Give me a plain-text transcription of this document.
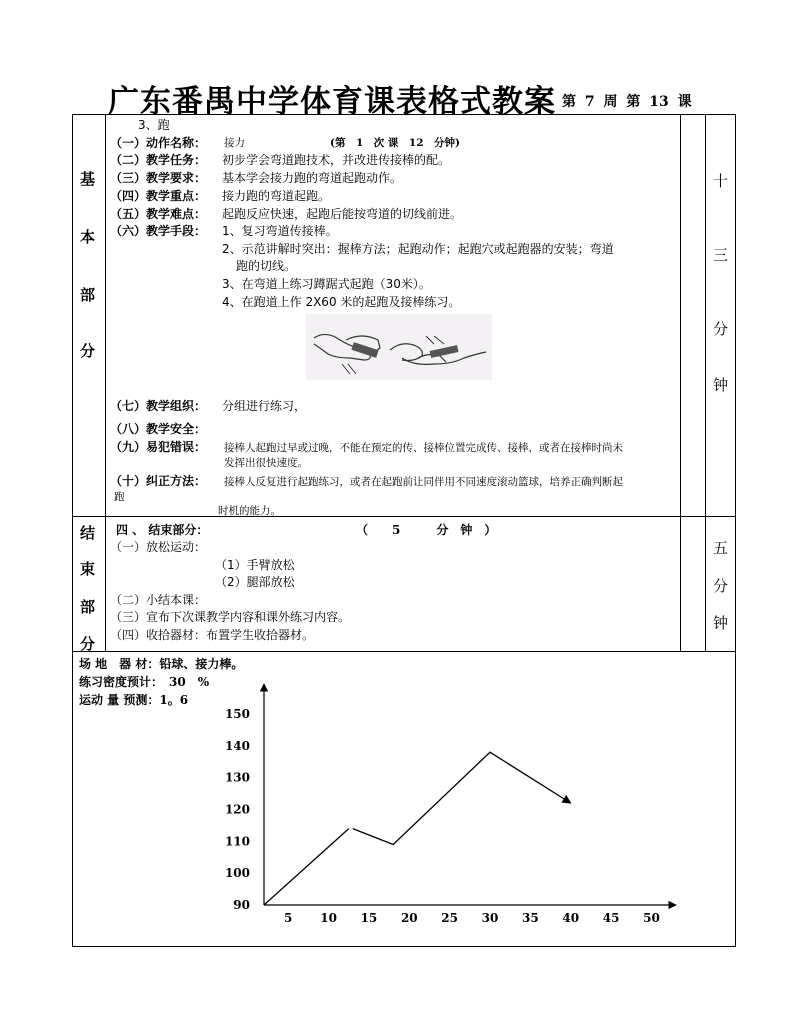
广东番禺中学体育课表格式教案 第 7 周 第 13 课
基
本
部
分
十
三
分
钟
3、跑
（一）动作名称： 接力	(第　1　次 课　12　分钟)
（二）教学任务： 初步学会弯道跑技术，并改进传接棒的配。
（三）教学要求： 基本学会接力跑的弯道起跑动作。
（四）教学重点： 接力跑的弯道起跑。
（五）教学难点： 起跑反应快速，起跑后能按弯道的切线前进。
（六）教学手段： 1、复习弯道传接棒。
2、示范讲解时突出：握棒方法；起跑动作；起跑穴或起跑器的安装；弯道
跑的切线。
3、在弯道上练习蹲踞式起跑（30米）。
4、在跑道上作 2X60 米的起跑及接棒练习。
（七）教学组织： 分组进行练习，
（八）教学安全：
（九）易犯错误： 接棒人起跑过早或过晚，不能在预定的传、接棒位置完成传、接棒，或者在接棒时尚未
发挥出很快速度。
（十）纠正方法： 接棒人反复进行起跑练习，或者在起跑前让同伴用不同速度滚动篮球，培养正确判断起
跑
时机的能力。
结
束
部
分
五
分
钟
四 、 结束部分：	（　　5　　　分　钟　）
（一）放松运动：
（1）手臂放松
（2）腿部放松
（二）小结本课：
（三）宣布下次课教学内容和课外练习内容。
（四）收拾器材：布置学生收拾器材。
场 地　器 材：铅球、接力棒。
练习密度预计：　30　%
运动 量 预测：1。6
5 10 15 20 25 30 35 40 45 50
90
100
110
120
130
140
150
